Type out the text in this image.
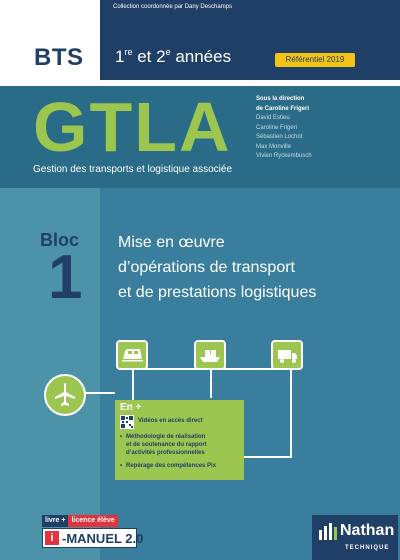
Collection coordonnée par Dany Deschamps
BTS 1re et 2e années	Référentiel 2019
GTLA
Gestion des transports et logistique associée
Sous la direction
de Caroline Frigeri
David Estieu
Caroline Frigeri
Sébastien Lochot
Max Monville
Vivien Ryckembusch
Bloc
1
Mise en œuvre
d’opérations de transport
et de prestations logistiques
En +
Vidéos en accès direct
• Méthodologie de réalisation
et de soutenance du rapport
d’activités professionnelles
• Repérage des compétences Pix
livre + licence élève
i -MANUEL 2.0	Nathan
TECHNIQUE
